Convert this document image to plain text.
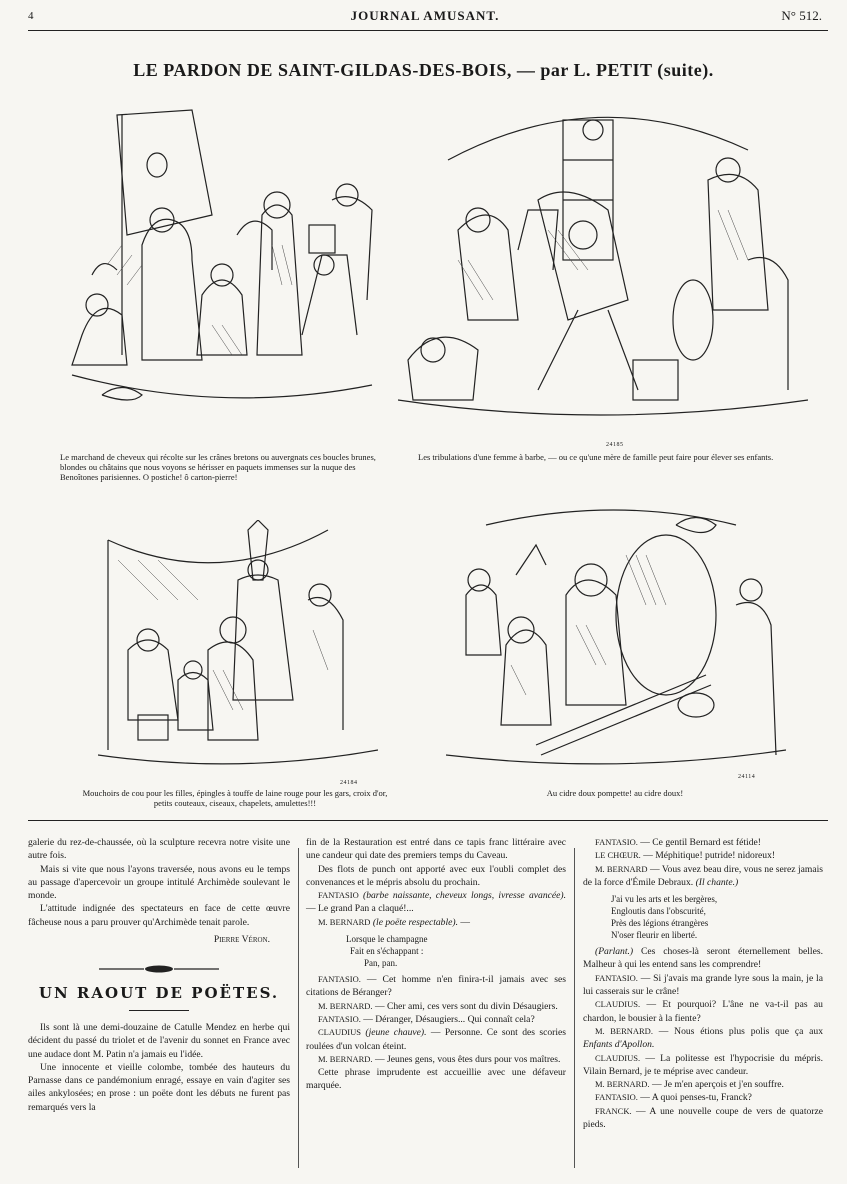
4	JOURNAL AMUSANT.	N° 512.
LE PARDON DE SAINT-GILDAS-DES-BOIS, — par L. PETIT (suite).
Le marchand de cheveux qui récolte sur les crânes bretons ou auvergnats ces boucles brunes, blondes ou châtains que nous voyons se hérisser en paquets immenses sur la nuque des Benoîtones parisiennes. O postiche! ô carton-pierre!
24185
Les tribulations d'une femme à barbe, — ou ce qu'une mère de famille peut faire pour élever ses enfants.
24184
Mouchoirs de cou pour les filles, épingles à touffe de laine rouge pour les gars, croix d'or, petits couteaux, ciseaux, chapelets, amulettes!!!
24114
Au cidre doux pompette! au cidre doux!

galerie du rez-de-chaussée, où la sculpture recevra notre visite une autre fois.

Mais si vite que nous l'ayons traversée, nous avons eu le temps au passage d'apercevoir un groupe intitulé Archimède soulevant le monde.

L'attitude indignée des spectateurs en face de cette œuvre fâcheuse nous a paru prouver qu'Archimède tenait parole.

Pierre Véron.

UN RAOUT DE POËTES.

Ils sont là une demi-douzaine de Catulle Mendez en herbe qui décident du passé du triolet et de l'avenir du sonnet en France avec une audace dont M. Patin n'a jamais eu l'idée.

Une innocente et vieille colombe, tombée des hauteurs du Parnasse dans ce pandémonium enragé, essaye en vain d'agiter ses ailes ankylosées; en prose : un poëte dont les débuts ne furent pas remarqués vers la

fin de la Restauration est entré dans ce tapis franc littéraire avec une candeur qui date des premiers temps du Caveau.

Des flots de punch ont apporté avec eux l'oubli complet des convenances et le mépris absolu du prochain.

FANTASIO (barbe naissante, cheveux longs, ivresse avancée). — Le grand Pan a claqué!...

M. BERNARD (le poëte respectable). —

Lorsque le champagne
Fait en s'échappant :
Pan, pan.

FANTASIO. — Cet homme n'en finira-t-il jamais avec ses citations de Béranger?

M. BERNARD. — Cher ami, ces vers sont du divin Désaugiers.

FANTASIO. — Déranger, Désaugiers... Qui connaît cela?

CLAUDIUS (jeune chauve). — Personne. Ce sont des scories roulées d'un volcan éteint.

M. BERNARD. — Jeunes gens, vous êtes durs pour vos maîtres.

Cette phrase imprudente est accueillie avec une défaveur marquée.

FANTASIO. — Ce gentil Bernard est fétide!

LE CHŒUR. — Méphitique! putride! nidoreux!

M. BERNARD — Vous avez beau dire, vous ne serez jamais de la force d'Émile Debraux. (Il chante.)

J'ai vu les arts et les bergères,
Engloutis dans l'obscurité,
Près des légions étrangères
N'oser fleurir en liberté.

(Parlant.) Ces choses-là seront éternellement belles. Malheur à qui les entend sans les comprendre!

FANTASIO. — Si j'avais ma grande lyre sous la main, je la lui casserais sur le crâne!

CLAUDIUS. — Et pourquoi? L'âne ne va-t-il pas au chardon, le bousier à la fiente?

M. BERNARD. — Nous étions plus polis que ça aux Enfants d'Apollon.

CLAUDIUS. — La politesse est l'hypocrisie du mépris. Vilain Bernard, je te méprise avec candeur.

M. BERNARD. — Je m'en aperçois et j'en souffre.

FANTASIO. — A quoi penses-tu, Franck?

FRANCK. — A une nouvelle coupe de vers de quatorze pieds.
